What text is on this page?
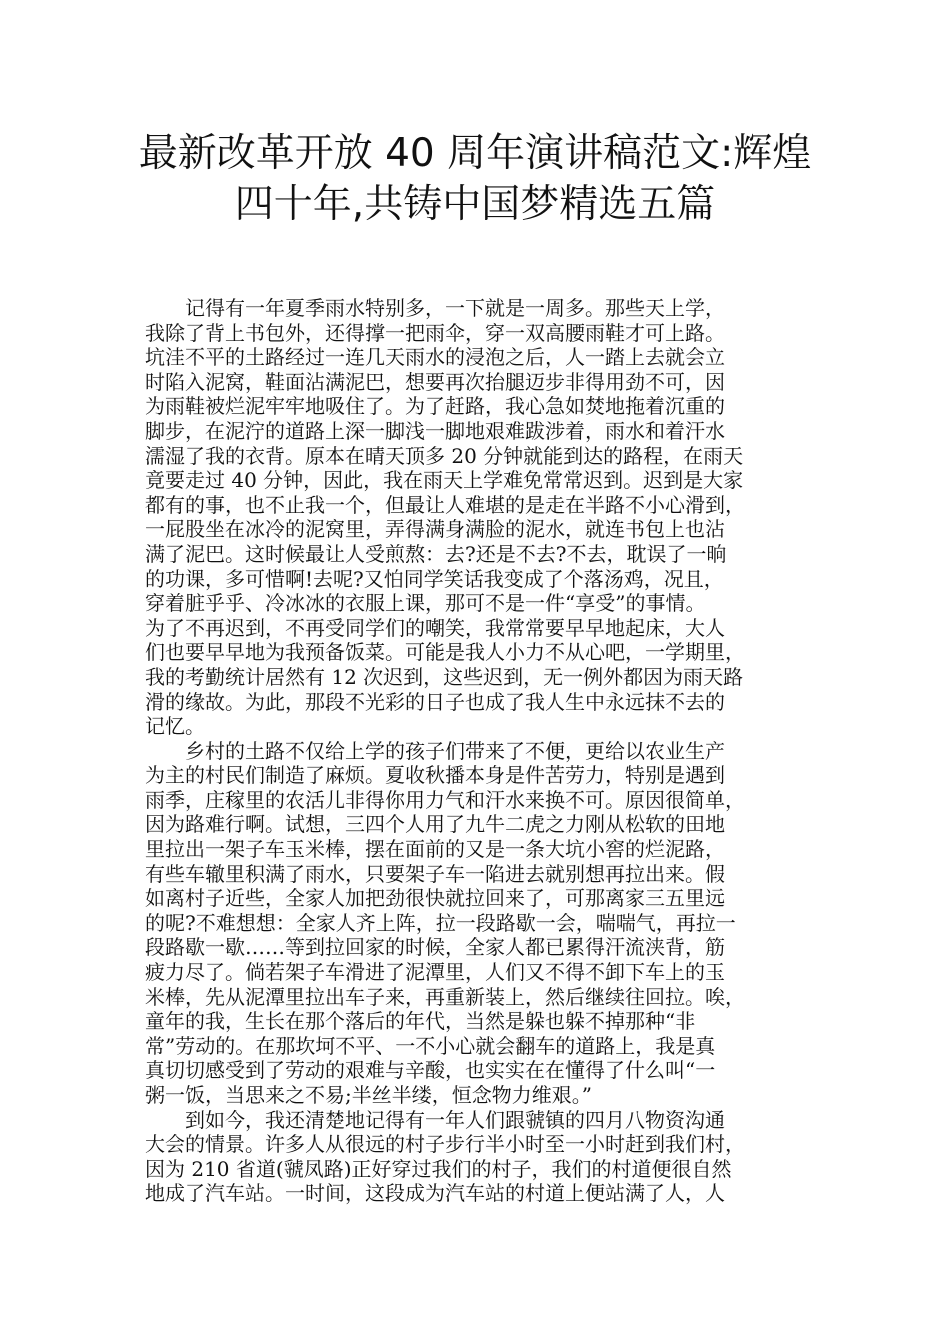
最新改革开放 40 周年演讲稿范文:辉煌
四十年,共铸中国梦精选五篇
　　记得有一年夏季雨水特别多，一下就是一周多。那些天上学，
我除了背上书包外，还得撑一把雨伞，穿一双高腰雨鞋才可上路。
坑洼不平的土路经过一连几天雨水的浸泡之后，人一踏上去就会立
时陷入泥窝，鞋面沾满泥巴，想要再次抬腿迈步非得用劲不可，因
为雨鞋被烂泥牢牢地吸住了。为了赶路，我心急如焚地拖着沉重的
脚步，在泥泞的道路上深一脚浅一脚地艰难跋涉着，雨水和着汗水
濡湿了我的衣背。原本在晴天顶多 20 分钟就能到达的路程，在雨天
竟要走过 40 分钟，因此，我在雨天上学难免常常迟到。迟到是大家
都有的事，也不止我一个，但最让人难堪的是走在半路不小心滑到，
一屁股坐在冰冷的泥窝里，弄得满身满脸的泥水，就连书包上也沾
满了泥巴。这时候最让人受煎熬：去?还是不去?不去，耽误了一晌
的功课，多可惜啊!去呢?又怕同学笑话我变成了个落汤鸡，况且，
穿着脏乎乎、冷冰冰的衣服上课，那可不是一件“享受”的事情。
为了不再迟到，不再受同学们的嘲笑，我常常要早早地起床，大人
们也要早早地为我预备饭菜。可能是我人小力不从心吧，一学期里，
我的考勤统计居然有 12 次迟到，这些迟到，无一例外都因为雨天路
滑的缘故。为此，那段不光彩的日子也成了我人生中永远抹不去的
记忆。
　　乡村的土路不仅给上学的孩子们带来了不便，更给以农业生产
为主的村民们制造了麻烦。夏收秋播本身是件苦劳力，特别是遇到
雨季，庄稼里的农活儿非得你用力气和汗水来换不可。原因很简单，
因为路难行啊。试想，三四个人用了九牛二虎之力刚从松软的田地
里拉出一架子车玉米棒，摆在面前的又是一条大坑小窖的烂泥路，
有些车辙里积满了雨水，只要架子车一陷进去就别想再拉出来。假
如离村子近些，全家人加把劲很快就拉回来了，可那离家三五里远
的呢?不难想想：全家人齐上阵，拉一段路歇一会，喘喘气，再拉一
段路歇一歇……等到拉回家的时候，全家人都已累得汗流浃背，筋
疲力尽了。倘若架子车滑进了泥潭里，人们又不得不卸下车上的玉
米棒，先从泥潭里拉出车子来，再重新装上，然后继续往回拉。唉，
童年的我，生长在那个落后的年代，当然是躲也躲不掉那种“非
常”劳动的。在那坎坷不平、一不小心就会翻车的道路上，我是真
真切切感受到了劳动的艰难与辛酸，也实实在在懂得了什么叫“一
粥一饭，当思来之不易;半丝半缕，恒念物力维艰。”
　　到如今，我还清楚地记得有一年人们跟虢镇的四月八物资沟通
大会的情景。许多人从很远的村子步行半小时至一小时赶到我们村，
因为 210 省道(虢凤路)正好穿过我们的村子，我们的村道便很自然
地成了汽车站。一时间，这段成为汽车站的村道上便站满了人，人
